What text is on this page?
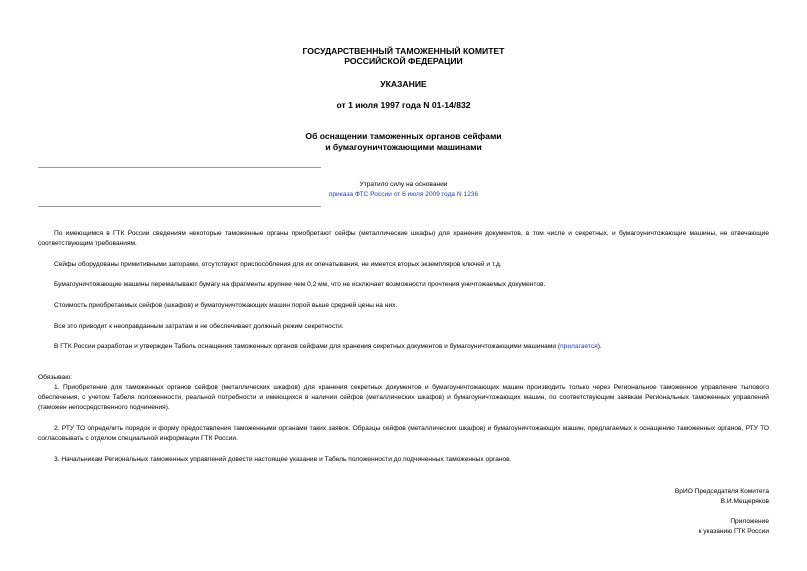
ГОСУДАРСТВЕННЫЙ ТАМОЖЕННЫЙ КОМИТЕТ
РОССИЙСКОЙ ФЕДЕРАЦИИ
УКАЗАНИЕ
от 1 июля 1997 года N 01-14/832
Об оснащении таможенных органов сейфами
и бумагоуничтожающими машинами
Утратило силу на основании
приказа ФТС России от 6 июля 2009 года N 1236
По имеющимся в ГТК России сведениям некоторые таможенные органы приобретают сейфы (металлические шкафы) для хранения документов, в том числе и секретных, и бумагоуничтожающие машины, не отвечающие соответствующим требованиям.
Сейфы оборудованы примитивными запорами, отсутствуют приспособления для их опечатывания, не имеется вторых экземпляров ключей и т.д.
Бумагоуничтожающие машины перемалывают бумагу на фрагменты крупнее чем 0,2 мм, что не исключает возможности прочтения уничтожаемых документов.
Стоимость приобретаемых сейфов (шкафов) и бумагоуничтожающих машин порой выше средней цены на них.
Все это приводит к неоправданным затратам и не обеспечивает должный режим секретности.
В ГТК России разработан и утвержден Табель оснащения таможенных органов сейфами для хранения секретных документов и бумагоуничтожающими машинами (прилагается).
Обязываю:
1. Приобретение для таможенных органов сейфов (металлических шкафов) для хранения секретных документов и бумагоуничтожающих машин производить только через Региональное таможенное управление тылового обеспечения, с учетом Табеля положенности, реальной потребности и имеющихся в наличии сейфов (металлических шкафов) и бумагоуничтожающих машин, по соответствующим заявкам Региональных таможенных управлений (таможен непосредственного подчинения).
2. РТУ ТО определить порядок и форму предоставления таможенными органами таких заявок. Образцы сейфов (металлических шкафов) и бумагоуничтожающих машин, предлагаемых к оснащению таможенных органов, РТУ ТО согласовывать с отделом специальной информации ГТК России.
3. Начальникам Региональных таможенных управлений довести настоящее указание и Табель положенности до подчиненных таможенных органов.
ВрИО Председателя Комитета
В.И.Мещеряков
Приложение
к указанию ГТК России
